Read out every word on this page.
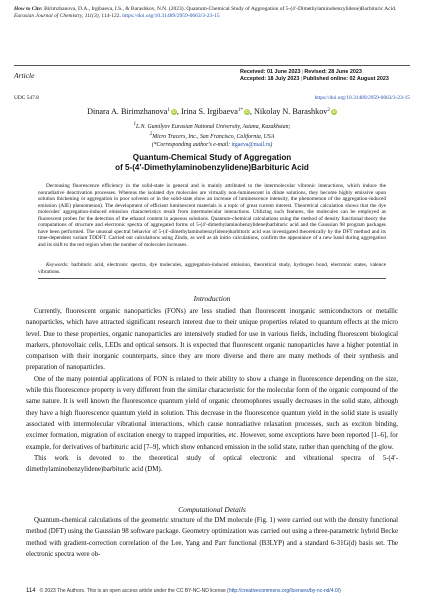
How to Cite: Birimzhanova, D.A., Irgibaeva, I.S., & Barashkov, N.N. (2023). Quantum-Chemical Study of Aggregation of 5-(4′-Dimethylaminobenzylidene)Barbituric Acid. Eurasian Journal of Chemistry, 111(3), 114-122. https://doi.org/10.31489/2959-0663/3-23-15
Article	Received: 01 June 2023 | Revised: 28 June 2023
Accepted: 18 July 2023 | Published online: 02 August 2023
UDC 547.8	https://doi.org/10.31489/2959-0663/3-23-15
Dinara A. Birimzhanova$^1$ iD, Irina S. Irgibaeva$^{1*}$ iD, Nikolay N. Barashkov$^2$ iD
1L.N. Gumilyov Eurasian National University, Astana, Kazakhstan;
2Micro Tracers, Inc., San Francisco, California, USA
(*Corresponding author's e-mail: irgaeva@mail.ru)
Quantum-Chemical Study of Aggregation
of 5-(4′-Dimethylaminobenzylidene)Barbituric Acid
Decreasing fluorescence efficiency in the solid-state is general and is mainly attributed to the intermolecular vibronic interactions, which induce the nonradiative deactivation processes. Whereas the isolated dye molecules are virtually non-luminescent in dilute solutions, they become highly emissive upon solution thickening or aggregation in poor solvents or in the solid-state show an increase of luminescence intensity, the phenomenon of the aggregation-induced emission (AIE) phenomenon). The development of efficient luminescent materials is a topic of great current interest. Theoretical calculation shows that the dye molecules' aggregation-induced emission characteristics result from intermolecular interactions. Utilizing such features, the molecules can be employed as fluorescent probes for the detection of the ethanol content in aqueous solutions. Quantum-chemical calculations using the method of density functional theory the computations of structure and electronic spectra of aggregated forms of 5-(4′-dimethylaminobenzylidene)barbituric acid and the Gaussian 98 program packages have been performed. The unusual spectral behavior of 5-(4′-dimethylaminobenzylidene)barbituric acid was investigated theoretically by the DFT method and its time-dependent variant TDDFT. Carried out calculations using Zindo, as well as ab initio calculations, confirm the appearance of a new band during aggregation and its shift to the red region when the number of molecules increases.
Keywords: barbituric acid, electronic spectra, dye molecules, aggregation-induced emission, theoretical study, hydrogen bond, electronic states, valence vibrations.
Introduction

Currently, fluorescent organic nanoparticles (FONs) are less studied than fluorescent inorganic semiconductors or metallic nanoparticles, which have attracted significant research interest due to their unique properties related to quantum effects at the micro level. Due to these properties, organic nanoparticles are intensively studied for use in various fields, including fluorescent biological markers, photovoltaic cells, LEDs and optical sensors. It is expected that fluorescent organic nanoparticles have a higher potential in comparison with their inorganic counterparts, since they are more diverse and there are many methods of their synthesis and preparation of nanoparticles.

One of the many potential applications of FON is related to their ability to show a change in fluorescence depending on the size, while this fluorescence property is very different from the similar characteristic for the molecular form of the organic compound of the same nature. It is well known the fluorescence quantum yield of organic chromophores usually decreases in the solid state, although they have a high fluorescence quantum yield in solution. This decrease in the fluorescence quantum yield in the solid state is usually associated with intermolecular vibrational interactions, which cause nonradiative relaxation processes, such as exciton binding, excimer formation, migration of excitation energy to trapped impurities, etc. However, some exceptions have been reported [1–6], for example, for derivatives of barbituric acid [7–9], which show enhanced emission in the solid state, rather than quenching of the glow.

This work is devoted to the theoretical study of optical electronic and vibrational spectra of 5-(4′-dimethylaminobenzylidene)barbituric acid (DM).

Computational Details

Quantum-chemical calculations of the geometric structure of the DM molecule (Fig. 1) were carried out with the density functional method (DFT) using the Gaussian 98 software package. Geometry optimization was carried out using a three-parametric hybrid Becke method with gradient-correction correlation of the Lee, Yang and Parr functional (B3LYP) and a standard 6-31G(d) basis set. The electronic spectra were ob-

114 © 2023 The Authors. This is an open access article under the CC BY-NC-ND license (http://creativecommons.org/licenses/by-nc-nd/4.0/)
